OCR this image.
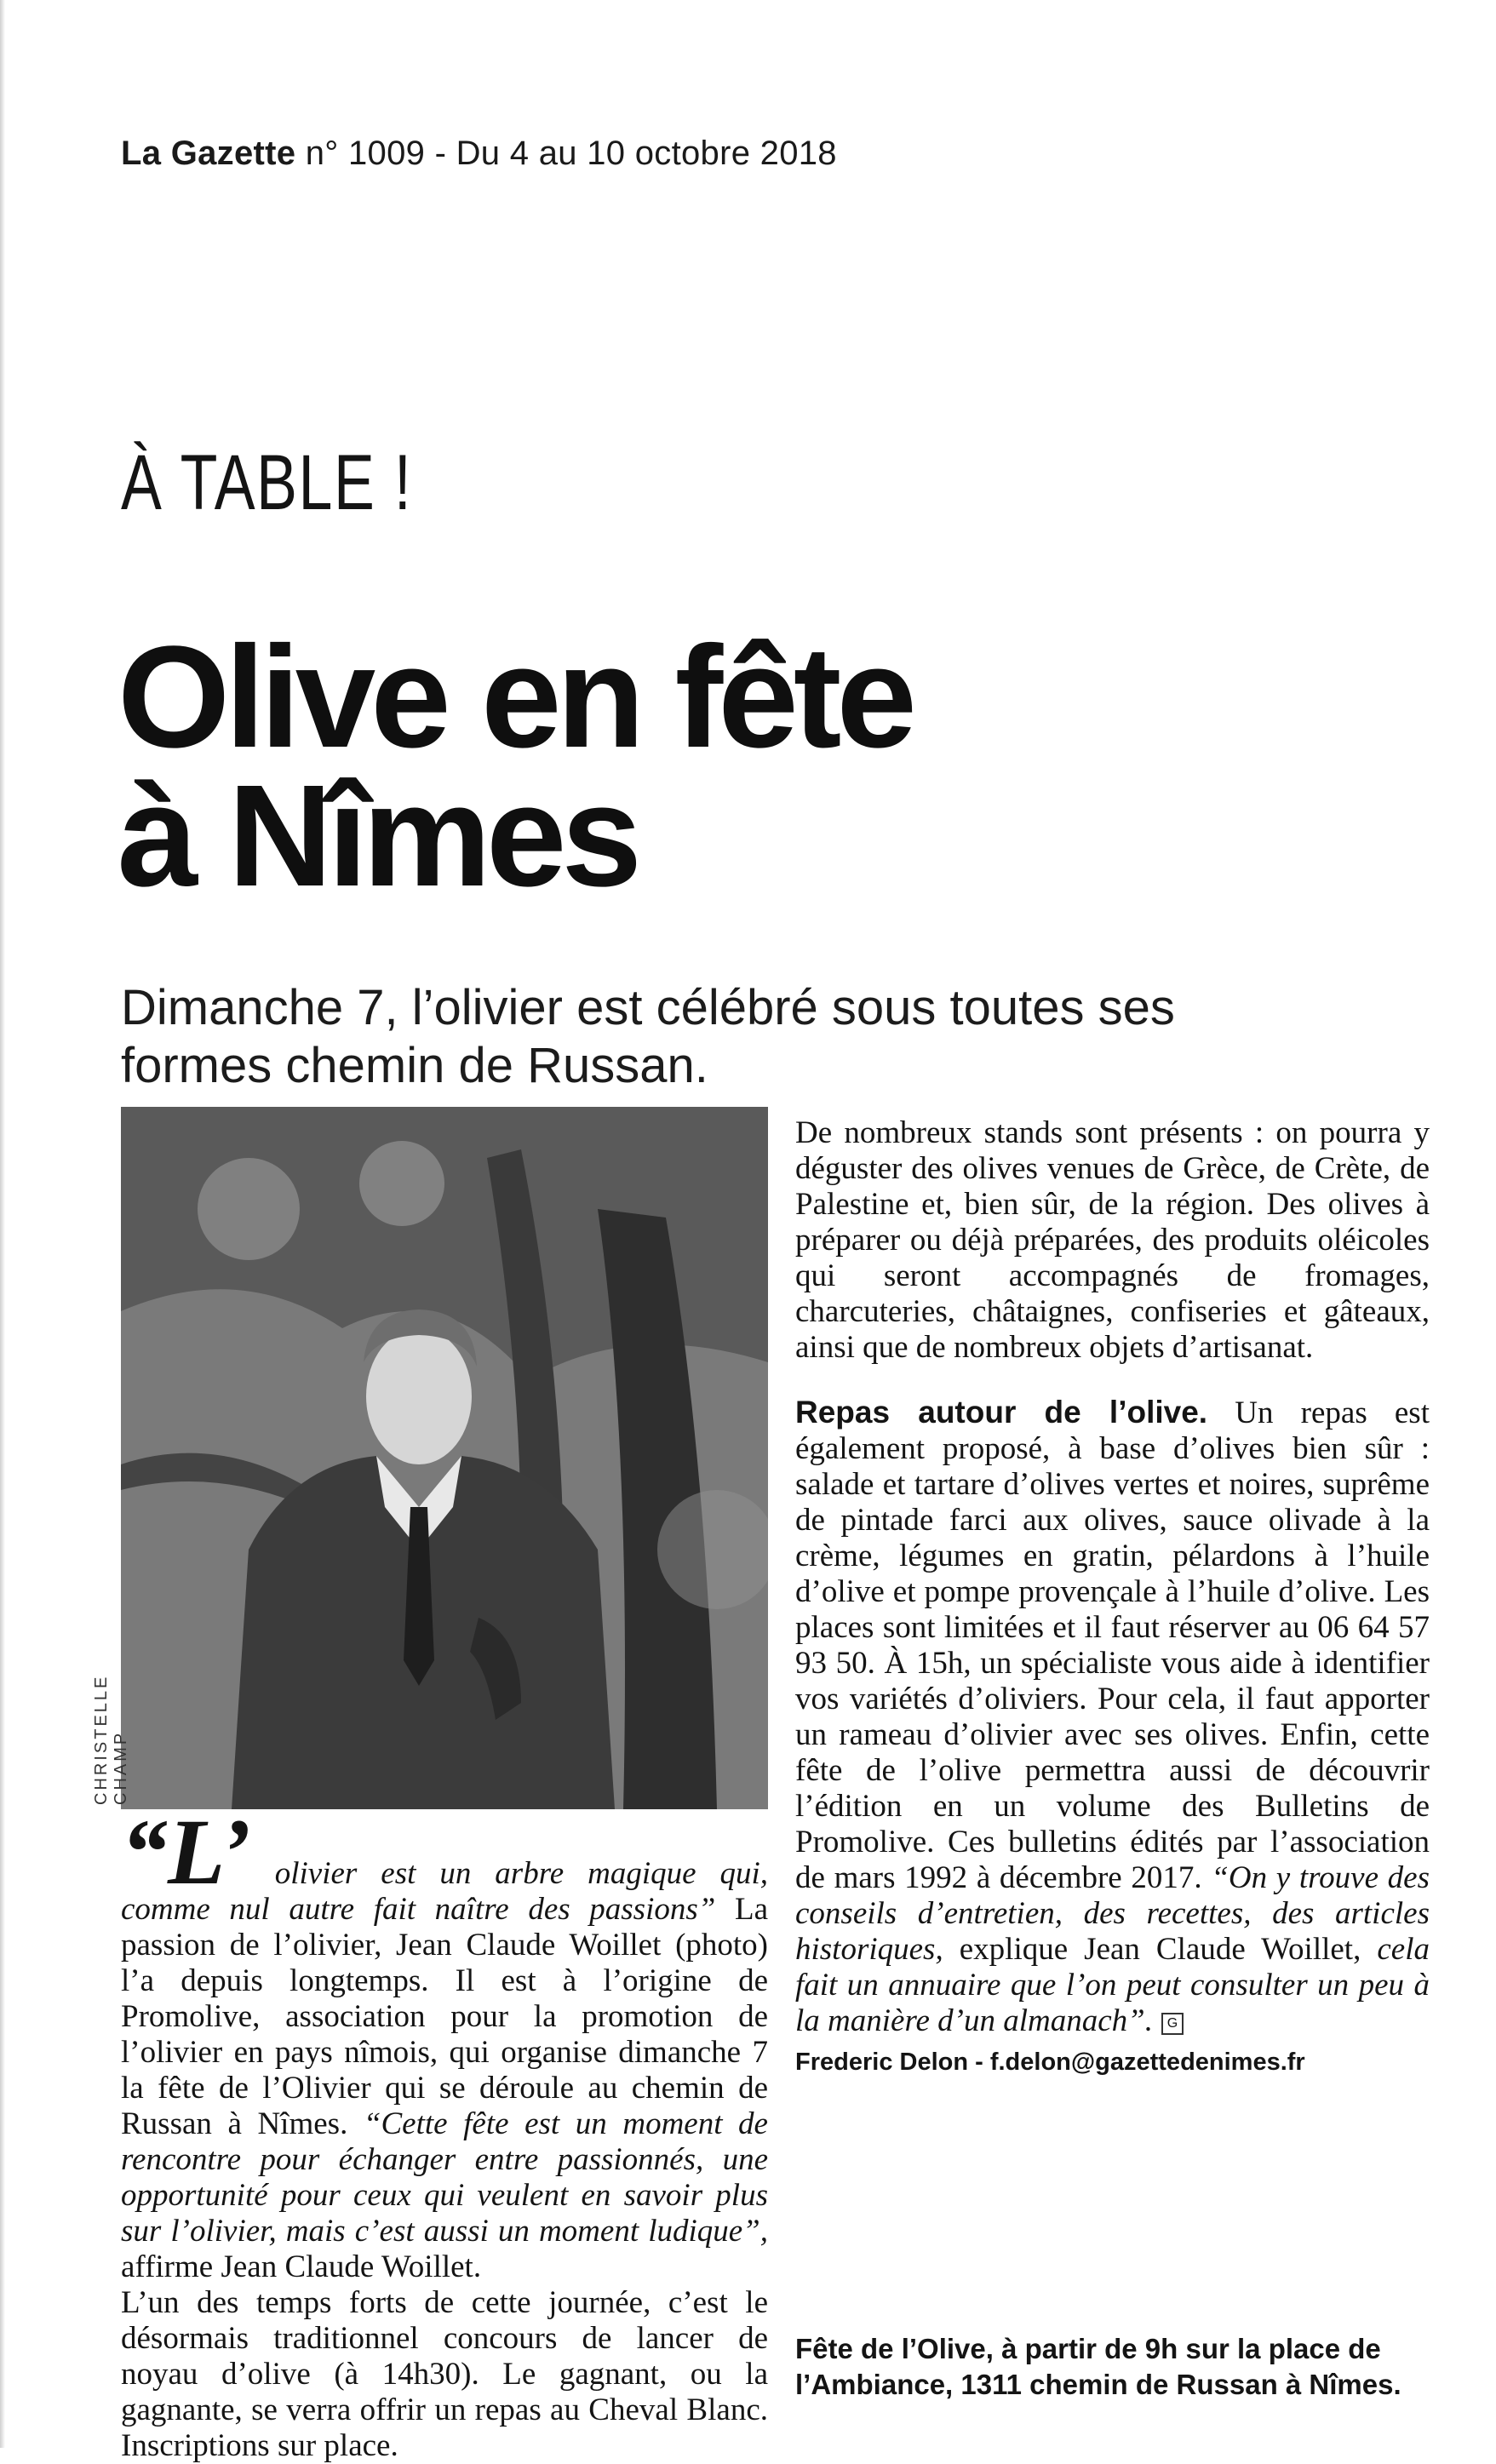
La Gazette n° 1009 - Du 4 au 10 octobre 2018
À TABLE !
Olive en fête
à Nîmes
Dimanche 7, l’olivier est célébré sous toutes ses formes chemin de Russan.
CHRISTELLE CHAMP

“L’ olivier est un arbre magique qui, comme nul autre fait naître des passions” La passion de l’olivier, Jean Claude Woillet (photo) l’a depuis longtemps. Il est à l’origine de Promolive, association pour la promotion de l’olivier en pays nîmois, qui organise dimanche 7 la fête de l’Olivier qui se déroule au chemin de Russan à Nîmes. “Cette fête est un moment de rencontre pour échanger entre passionnés, une opportunité pour ceux qui veulent en savoir plus sur l’olivier, mais c’est aussi un moment ludique”, affirme Jean Claude Woillet.

L’un des temps forts de cette journée, c’est le désormais traditionnel concours de lancer de noyau d’olive (à 14h30). Le gagnant, ou la gagnante, se verra offrir un repas au Cheval Blanc. Inscriptions sur place.

De nombreux stands sont présents : on pourra y déguster des olives venues de Grèce, de Crète, de Palestine et, bien sûr, de la région. Des olives à préparer ou déjà préparées, des produits oléicoles qui seront accompagnés de fromages, charcuteries, châtaignes, confiseries et gâteaux, ainsi que de nombreux objets d’artisanat.

Repas autour de l’olive. Un repas est également proposé, à base d’olives bien sûr : salade et tartare d’olives vertes et noires, suprême de pintade farci aux olives, sauce olivade à la crème, légumes en gratin, pélardons à l’huile d’olive et pompe provençale à l’huile d’olive. Les places sont limitées et il faut réserver au 06 64 57 93 50. À 15h, un spécialiste vous aide à identifier vos variétés d’oliviers. Pour cela, il faut apporter un rameau d’olivier avec ses olives. Enfin, cette fête de l’olive permettra aussi de découvrir l’édition en un volume des Bulletins de Promolive. Ces bulletins édités par l’association de mars 1992 à décembre 2017. “On y trouve des conseils d’entretien, des recettes, des articles historiques, explique Jean Claude Woillet, cela fait un annuaire que l’on peut consulter un peu à la manière d’un almanach”. G

Frederic Delon - f.delon@gazettedenimes.fr

Fête de l’Olive, à partir de 9h sur la place de l’Ambiance, 1311 chemin de Russan à Nîmes.
